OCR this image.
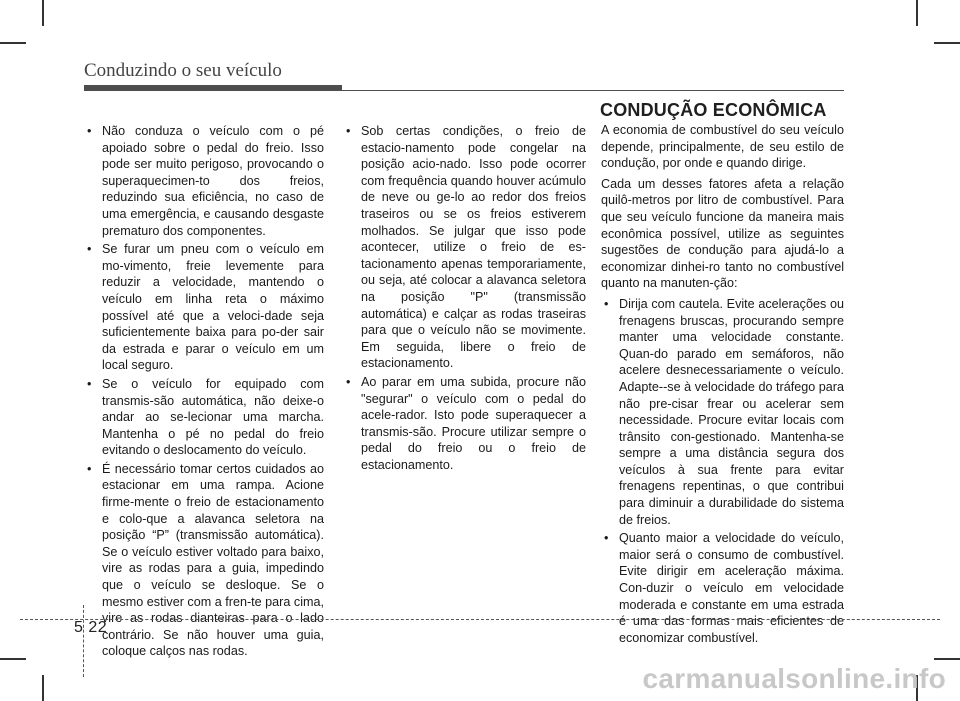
Conduzindo o seu veículo
• Não conduza o veículo com o pé apoiado sobre o pedal do freio. Isso pode ser muito perigoso, provocando o superaquecimen-to dos freios, reduzindo sua eficiência, no caso de uma emergência, e causando desgaste prematuro dos componentes.
• Se furar um pneu com o veículo em mo-vimento, freie levemente para reduzir a velocidade, mantendo o veículo em linha reta o máximo possível até que a veloci-dade seja suficientemente baixa para po-der sair da estrada e parar o veículo em um local seguro.
• Se o veículo for equipado com transmis-são automática, não deixe-o andar ao se-lecionar uma marcha. Mantenha o pé no pedal do freio evitando o deslocamento do veículo.
• É necessário tomar certos cuidados ao estacionar em uma rampa. Acione firme-mente o freio de estacionamento e colo-que a alavanca seletora na posição “P” (transmissão automática). Se o veículo estiver voltado para baixo, vire as rodas para a guia, impedindo que o veículo se desloque. Se o mesmo estiver com a fren-te para cima, vire as rodas dianteiras para o lado contrário. Se não houver uma guia, coloque calços nas rodas.
• Sob certas condições, o freio de estacio-namento pode congelar na posição acio-nado. Isso pode ocorrer com frequência quando houver acúmulo de neve ou ge-lo ao redor dos freios traseiros ou se os freios estiverem molhados. Se julgar que isso pode acontecer, utilize o freio de es-tacionamento apenas temporariamente, ou seja, até colocar a alavanca seletora na posição "P" (transmissão automática) e calçar as rodas traseiras para que o veículo não se movimente. Em seguida, libere o freio de estacionamento.
• Ao parar em uma subida, procure não "segurar" o veículo com o pedal do acele-rador. Isto pode superaquecer a transmis-são. Procure utilizar sempre o pedal do freio ou o freio de estacionamento.
CONDUÇÃO ECONÔMICA

A economia de combustível do seu veículo depende, principalmente, de seu estilo de condução, por onde e quando dirige.

Cada um desses fatores afeta a relação quilô-metros por litro de combustível. Para que seu veículo funcione da maneira mais econômica possível, utilize as seguintes sugestões de condução para ajudá-lo a economizar dinhei-ro tanto no combustível quanto na manuten-ção:

• Dirija com cautela. Evite acelerações ou frenagens bruscas, procurando sempre manter uma velocidade constante. Quan-do parado em semáforos, não acelere desnecessariamente o veículo. Adapte--se à velocidade do tráfego para não pre-cisar frear ou acelerar sem necessidade. Procure evitar locais com trânsito con-gestionado. Mantenha-se sempre a uma distância segura dos veículos à sua frente para evitar frenagens repentinas, o que contribui para diminuir a durabilidade do sistema de freios.
• Quanto maior a velocidade do veículo, maior será o consumo de combustível. Evite dirigir em aceleração máxima. Con-duzir o veículo em velocidade moderada e constante em uma estrada é uma das formas mais eficientes de economizar combustível.
5 22
carmanualsonline.info
